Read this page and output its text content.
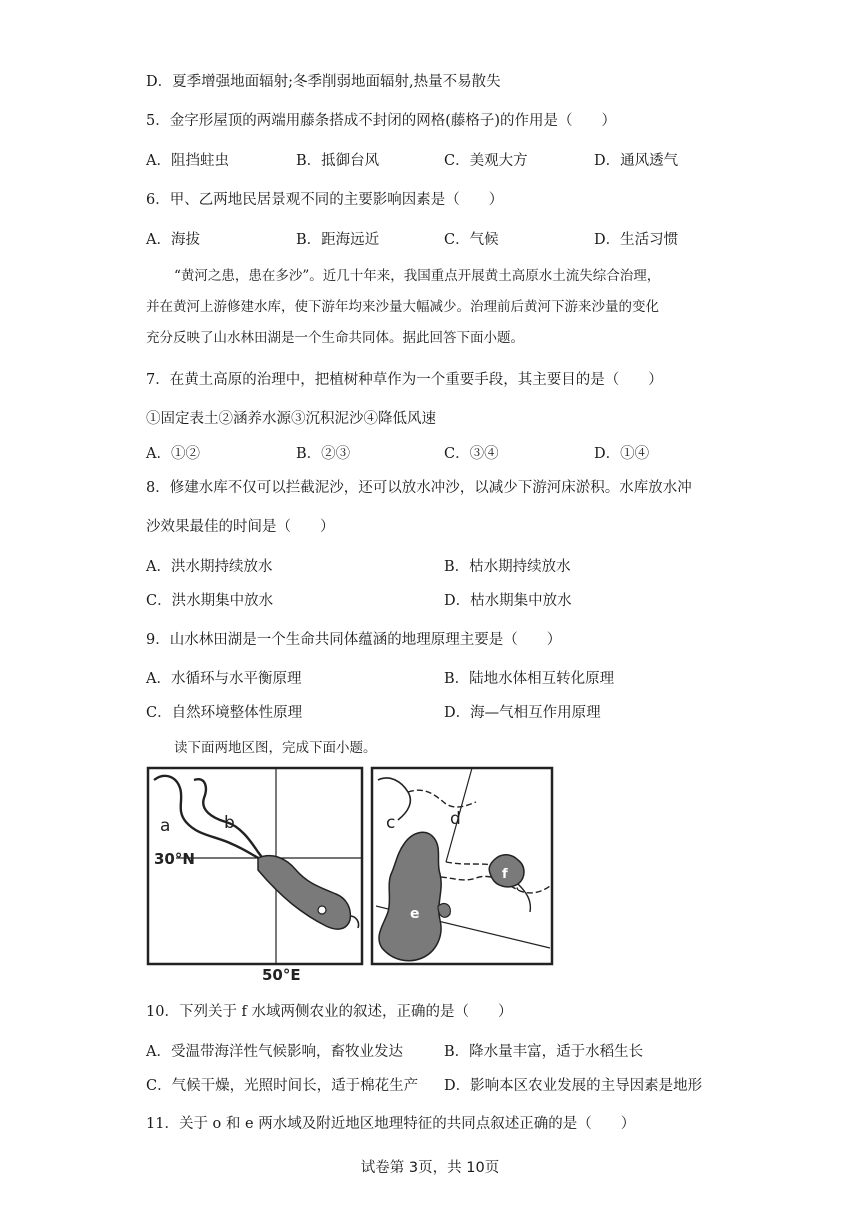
D．夏季增强地面辐射;冬季削弱地面辐射,热量不易散失
5．金字形屋顶的两端用藤条搭成不封闭的网格(藤格子)的作用是（　　）
A．阻挡蛀虫	B．抵御台风	C．美观大方	D．通风透气
6．甲、乙两地民居景观不同的主要影响因素是（　　）
A．海拔	B．距海远近	C．气候	D．生活习惯
“黄河之患，患在多沙”。近几十年来，我国重点开展黄土高原水土流失综合治理，
并在黄河上游修建水库，使下游年均来沙量大幅减少。治理前后黄河下游来沙量的变化
充分反映了山水林田湖是一个生命共同体。据此回答下面小题。
7．在黄土高原的治理中，把植树种草作为一个重要手段，其主要目的是（　　）
①固定表土②涵养水源③沉积泥沙④降低风速
A．①②	B．②③	C．③④	D．①④
8．修建水库不仅可以拦截泥沙，还可以放水冲沙，以减少下游河床淤积。水库放水冲
沙效果最佳的时间是（　　）
A．洪水期持续放水	B．枯水期持续放水
C．洪水期集中放水	D．枯水期集中放水
9．山水林田湖是一个生命共同体蕴涵的地理原理主要是（　　）
A．水循环与水平衡原理	B．陆地水体相互转化原理
C．自然环境整体性原理	D．海—气相互作用原理
读下面两地区图，完成下面小题。
a	b
30°N
50°E
c	d
e
f
10．下列关于 f 水域两侧农业的叙述，正确的是（　　）
A．受温带海洋性气候影响，畜牧业发达	B．降水量丰富，适于水稻生长
C．气候干燥，光照时间长，适于棉花生产 D．影响本区农业发展的主导因素是地形
11．关于 o 和 e 两水域及附近地区地理特征的共同点叙述正确的是（　　）
试卷第 3页，共 10页
